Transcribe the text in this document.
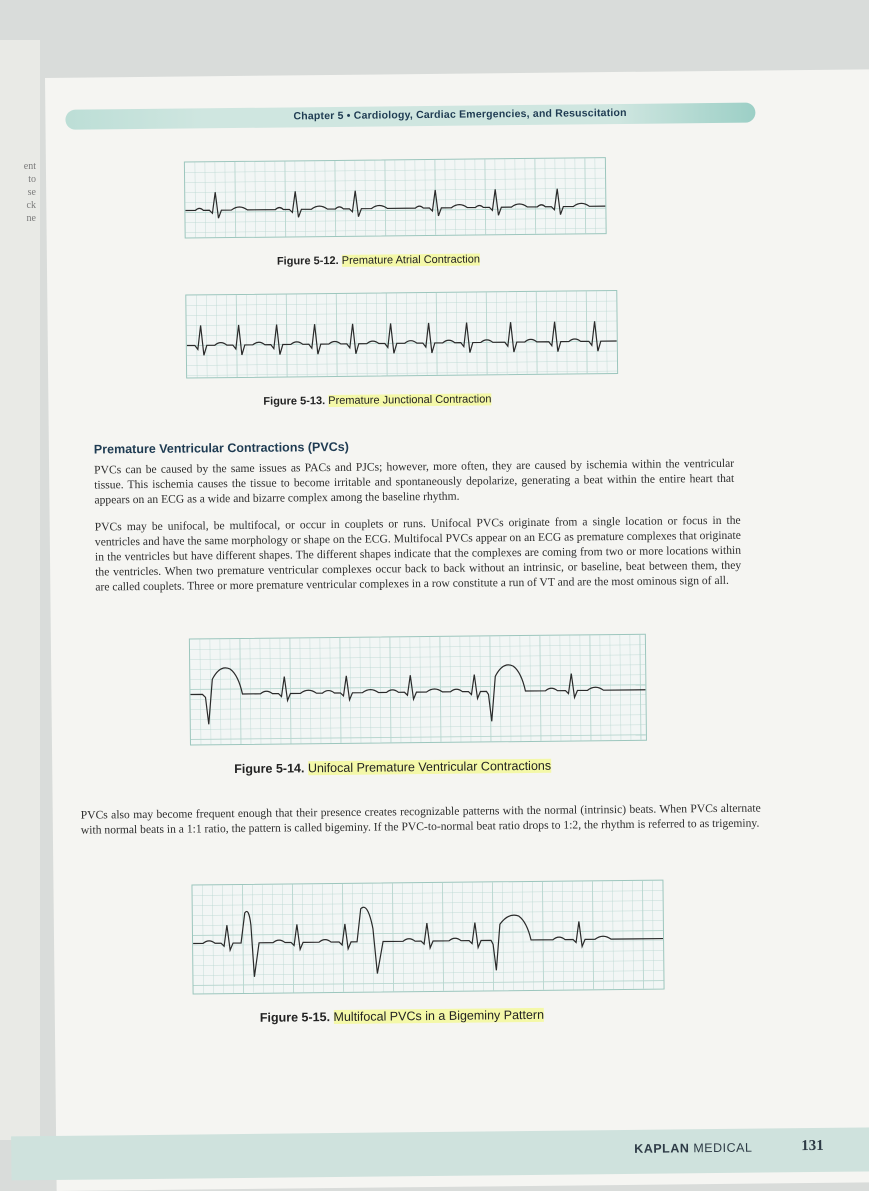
ent
to
se
ck
ne
Chapter 5 • Cardiology, Cardiac Emergencies, and Resuscitation
Figure 5-12. Premature Atrial Contraction
Figure 5-13. Premature Junctional Contraction
Premature Ventricular Contractions (PVCs)

PVCs can be caused by the same issues as PACs and PJCs; however, more often, they are caused by ischemia within the ventricular tissue. This ischemia causes the tissue to become irritable and spontaneously depolarize, generating a beat within the entire heart that appears on an ECG as a wide and bizarre complex among the baseline rhythm.

PVCs may be unifocal, be multifocal, or occur in couplets or runs. Unifocal PVCs originate from a single location or focus in the ventricles and have the same morphology or shape on the ECG. Multifocal PVCs appear on an ECG as premature complexes that originate in the ventricles but have different shapes. The different shapes indicate that the complexes are coming from two or more locations within the ventricles. When two premature ventricular complexes occur back to back without an intrinsic, or baseline, beat between them, they are called couplets. Three or more premature ventricular complexes in a row constitute a run of VT and are the most ominous sign of all.

Figure 5-14. Unifocal Premature Ventricular Contractions

PVCs also may become frequent enough that their presence creates recognizable patterns with the normal (intrinsic) beats. When PVCs alternate with normal beats in a 1:1 ratio, the pattern is called bigeminy. If the PVC-to-normal beat ratio drops to 1:2, the rhythm is referred to as trigeminy.

Figure 5-15. Multifocal PVCs in a Bigeminy Pattern
KAPLAN MEDICAL	131
